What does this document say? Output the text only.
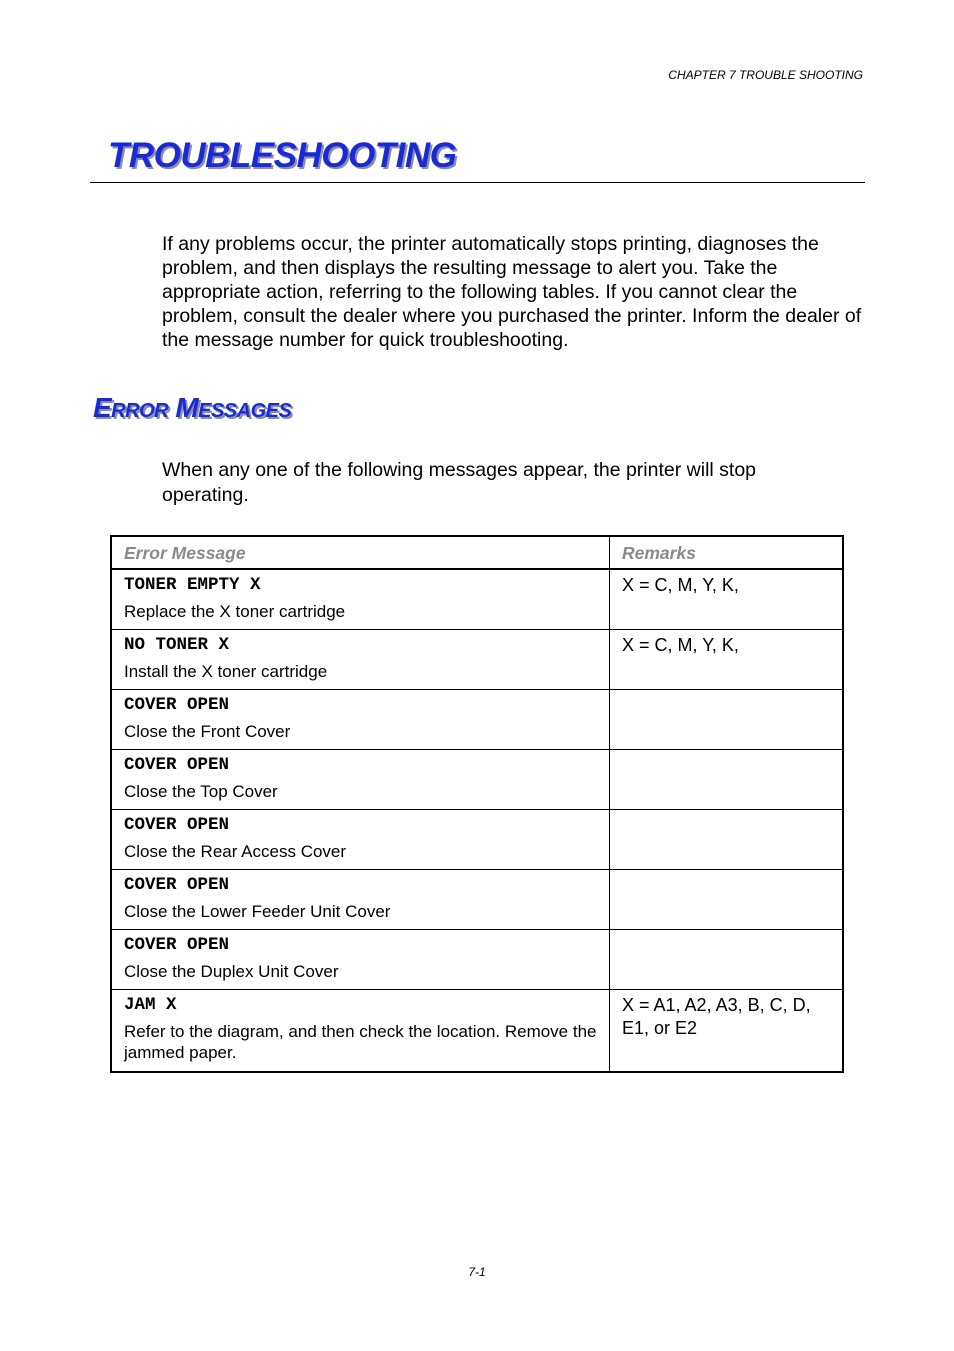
CHAPTER 7 TROUBLE SHOOTING
TROUBLESHOOTING

If any problems occur, the printer automatically stops printing, diagnoses the problem, and then displays the resulting message to alert you. Take the appropriate action, referring to the following tables. If you cannot clear the problem, consult the dealer where you purchased the printer. Inform the dealer of the message number for quick troubleshooting.

Error Messages

When any one of the following messages appear, the printer will stop operating.

Error Message	Remarks

TONER EMPTY X
Replace the X toner cartridge	X = C, M, Y, K,

NO TONER X
Install the X toner cartridge	X = C, M, Y, K,

COVER OPEN
Close the Front Cover	

COVER OPEN
Close the Top Cover	

COVER OPEN
Close the Rear Access Cover	

COVER OPEN
Close the Lower Feeder Unit Cover	

COVER OPEN
Close the Duplex Unit Cover	

JAM X
Refer to the diagram, and then check the location. Remove the jammed paper.	X = A1, A2, A3, B, C, D, E1, or E2
7-1
